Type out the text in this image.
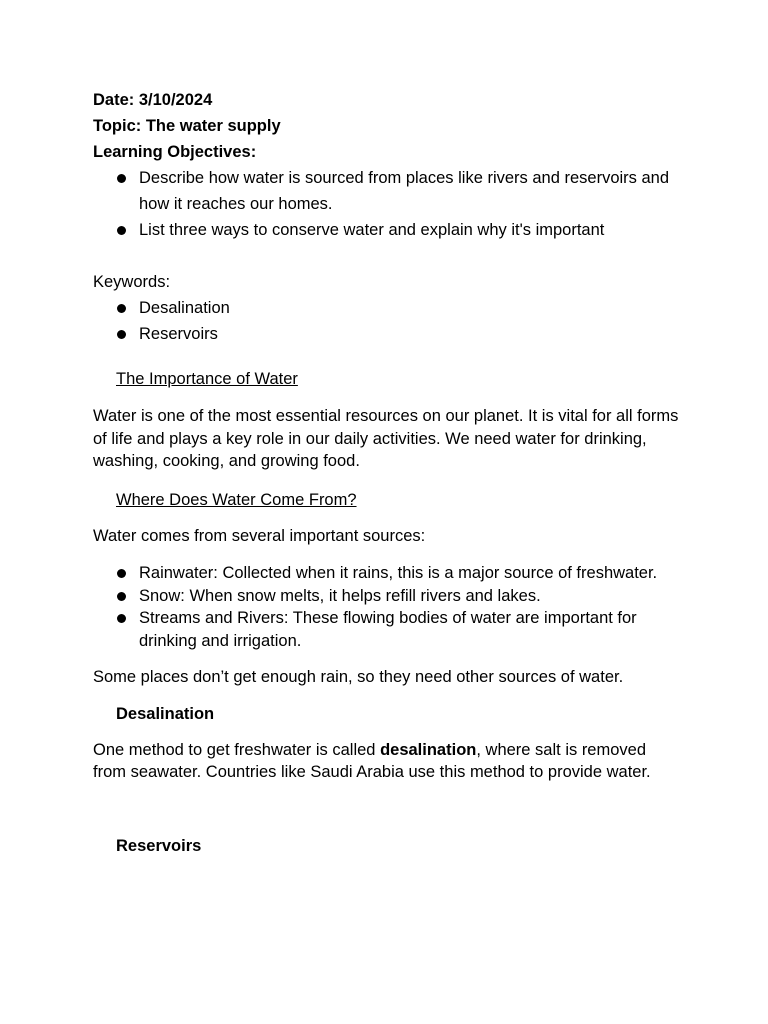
Date: 3/10/2024

Topic: The water supply

Learning Objectives:

Describe how water is sourced from places like rivers and reservoirs and how it reaches our homes.
List three ways to conserve water and explain why it's important

Keywords:

Desalination
Reservoirs
The Importance of Water

Water is one of the most essential resources on our planet. It is vital for all forms of life and plays a key role in our daily activities. We need water for drinking, washing, cooking, and growing food.

Where Does Water Come From?

Water comes from several important sources:

Rainwater: Collected when it rains, this is a major source of freshwater.
Snow: When snow melts, it helps refill rivers and lakes.
Streams and Rivers: These flowing bodies of water are important for drinking and irrigation.

Some places don’t get enough rain, so they need other sources of water.

Desalination

One method to get freshwater is called desalination, where salt is removed from seawater. Countries like Saudi Arabia use this method to provide water.

Reservoirs
